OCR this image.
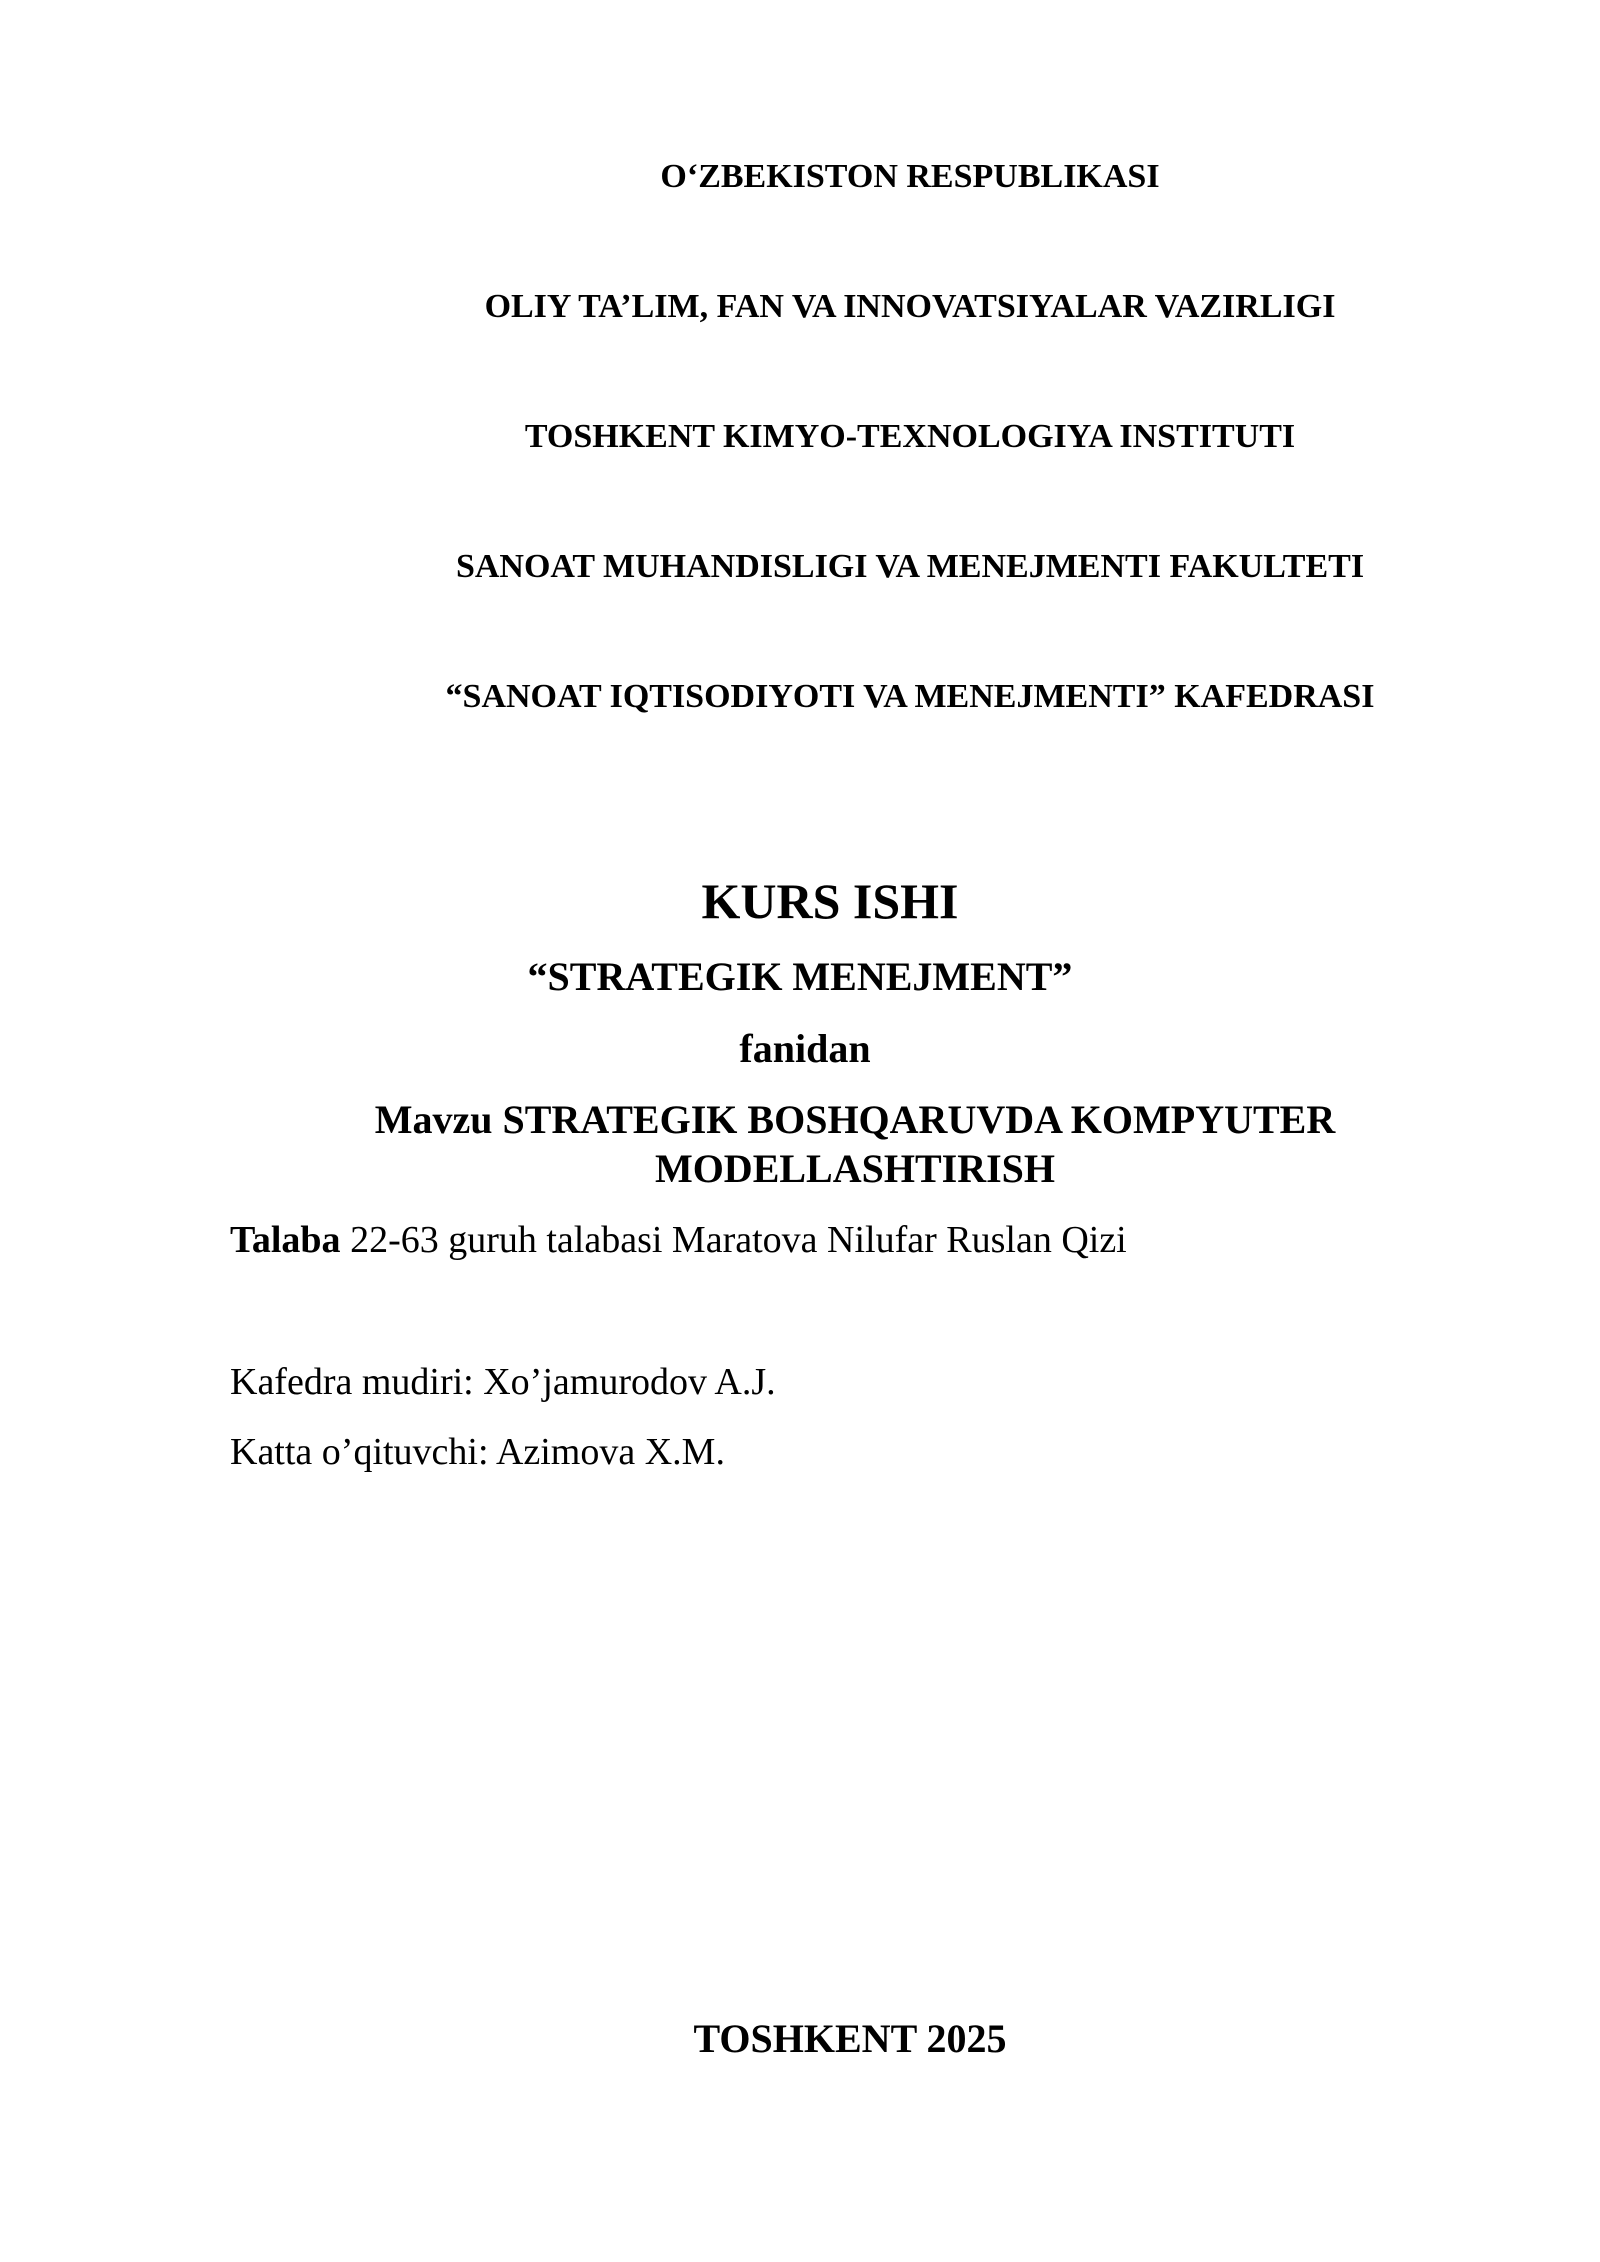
O‘ZBEKISTON RESPUBLIKASI
OLIY TA’LIM, FAN VA INNOVATSIYALAR VAZIRLIGI
TOSHKENT KIMYO-TEXNOLOGIYA INSTITUTI
SANOAT MUHANDISLIGI VA MENEJMENTI FAKULTETI
“SANOAT IQTISODIYOTI VA MENEJMENTI” KAFEDRASI
KURS ISHI
“STRATEGIK MENEJMENT”
fanidan
Mavzu STRATEGIK BOSHQARUVDA KOMPYUTER
MODELLASHTIRISH
Talaba 22-63 guruh talabasi Maratova Nilufar Ruslan Qizi
Kafedra mudiri: Xo’jamurodov A.J.
Katta o’qituvchi: Azimova X.M.
TOSHKENT 2025
